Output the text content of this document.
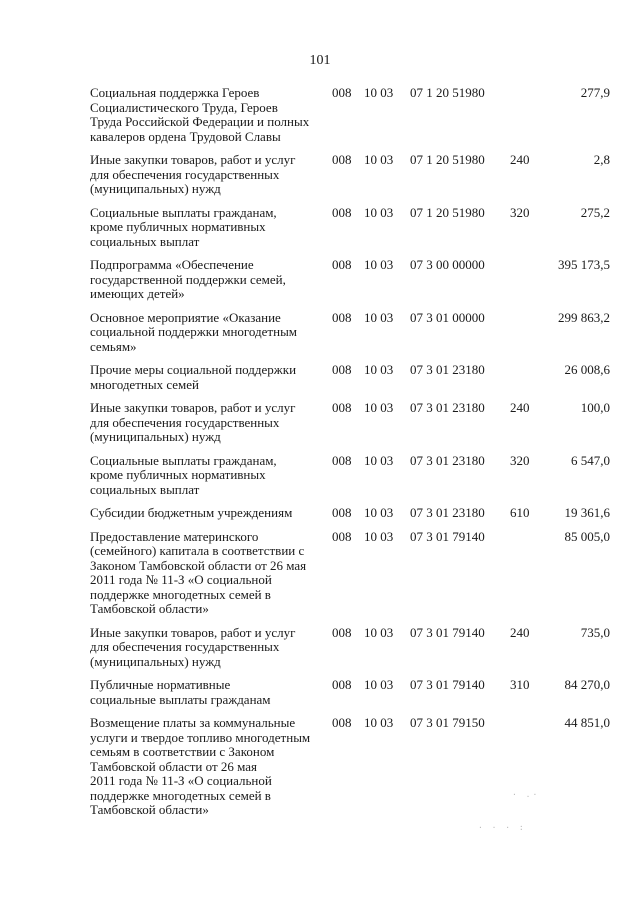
101
Социальная поддержка Героев
Социалистического Труда, Героев
Труда Российской Федерации и полных
кавалеров ордена Трудовой Славы
008 10 03	07 1 20 51980	277,9
Иные закупки товаров, работ и услуг
для обеспечения государственных
(муниципальных) нужд
008 10 03	07 1 20 51980	240	2,8
Социальные выплаты гражданам,
кроме публичных нормативных
социальных выплат
008 10 03	07 1 20 51980	320	275,2
Подпрограмма «Обеспечение
государственной поддержки семей,
имеющих детей»
008 10 03	07 3 00 00000	395 173,5
Основное мероприятие «Оказание
социальной поддержки многодетным
семьям»
008 10 03	07 3 01 00000	299 863,2
Прочие меры социальной поддержки
многодетных семей
008 10 03	07 3 01 23180	26 008,6
Иные закупки товаров, работ и услуг
для обеспечения государственных
(муниципальных) нужд
008 10 03	07 3 01 23180	240	100,0
Социальные выплаты гражданам,
кроме публичных нормативных
социальных выплат
008 10 03	07 3 01 23180	320	6 547,0
Субсидии бюджетным учреждениям	008 10 03	07 3 01 23180	610	19 361,6
Предоставление материнского
(семейного) капитала в соответствии с
Законом Тамбовской области от 26 мая
2011 года № 11-З «О социальной
поддержке многодетных семей в
Тамбовской области»
008 10 03	07 3 01 79140	85 005,0
Иные закупки товаров, работ и услуг
для обеспечения государственных
(муниципальных) нужд
008 10 03	07 3 01 79140	240	735,0
Публичные нормативные
социальные выплаты гражданам
008 10 03	07 3 01 79140	310	84 270,0
Возмещение платы за коммунальные
услуги и твердое топливо многодетным
семьям в соответствии с Законом
Тамбовской области от 26 мая
2011 года № 11-З «О социальной
поддержке многодетных семей в
Тамбовской области»
008 10 03	07 3 01 79150	44 851,0
· .·
· · · :
